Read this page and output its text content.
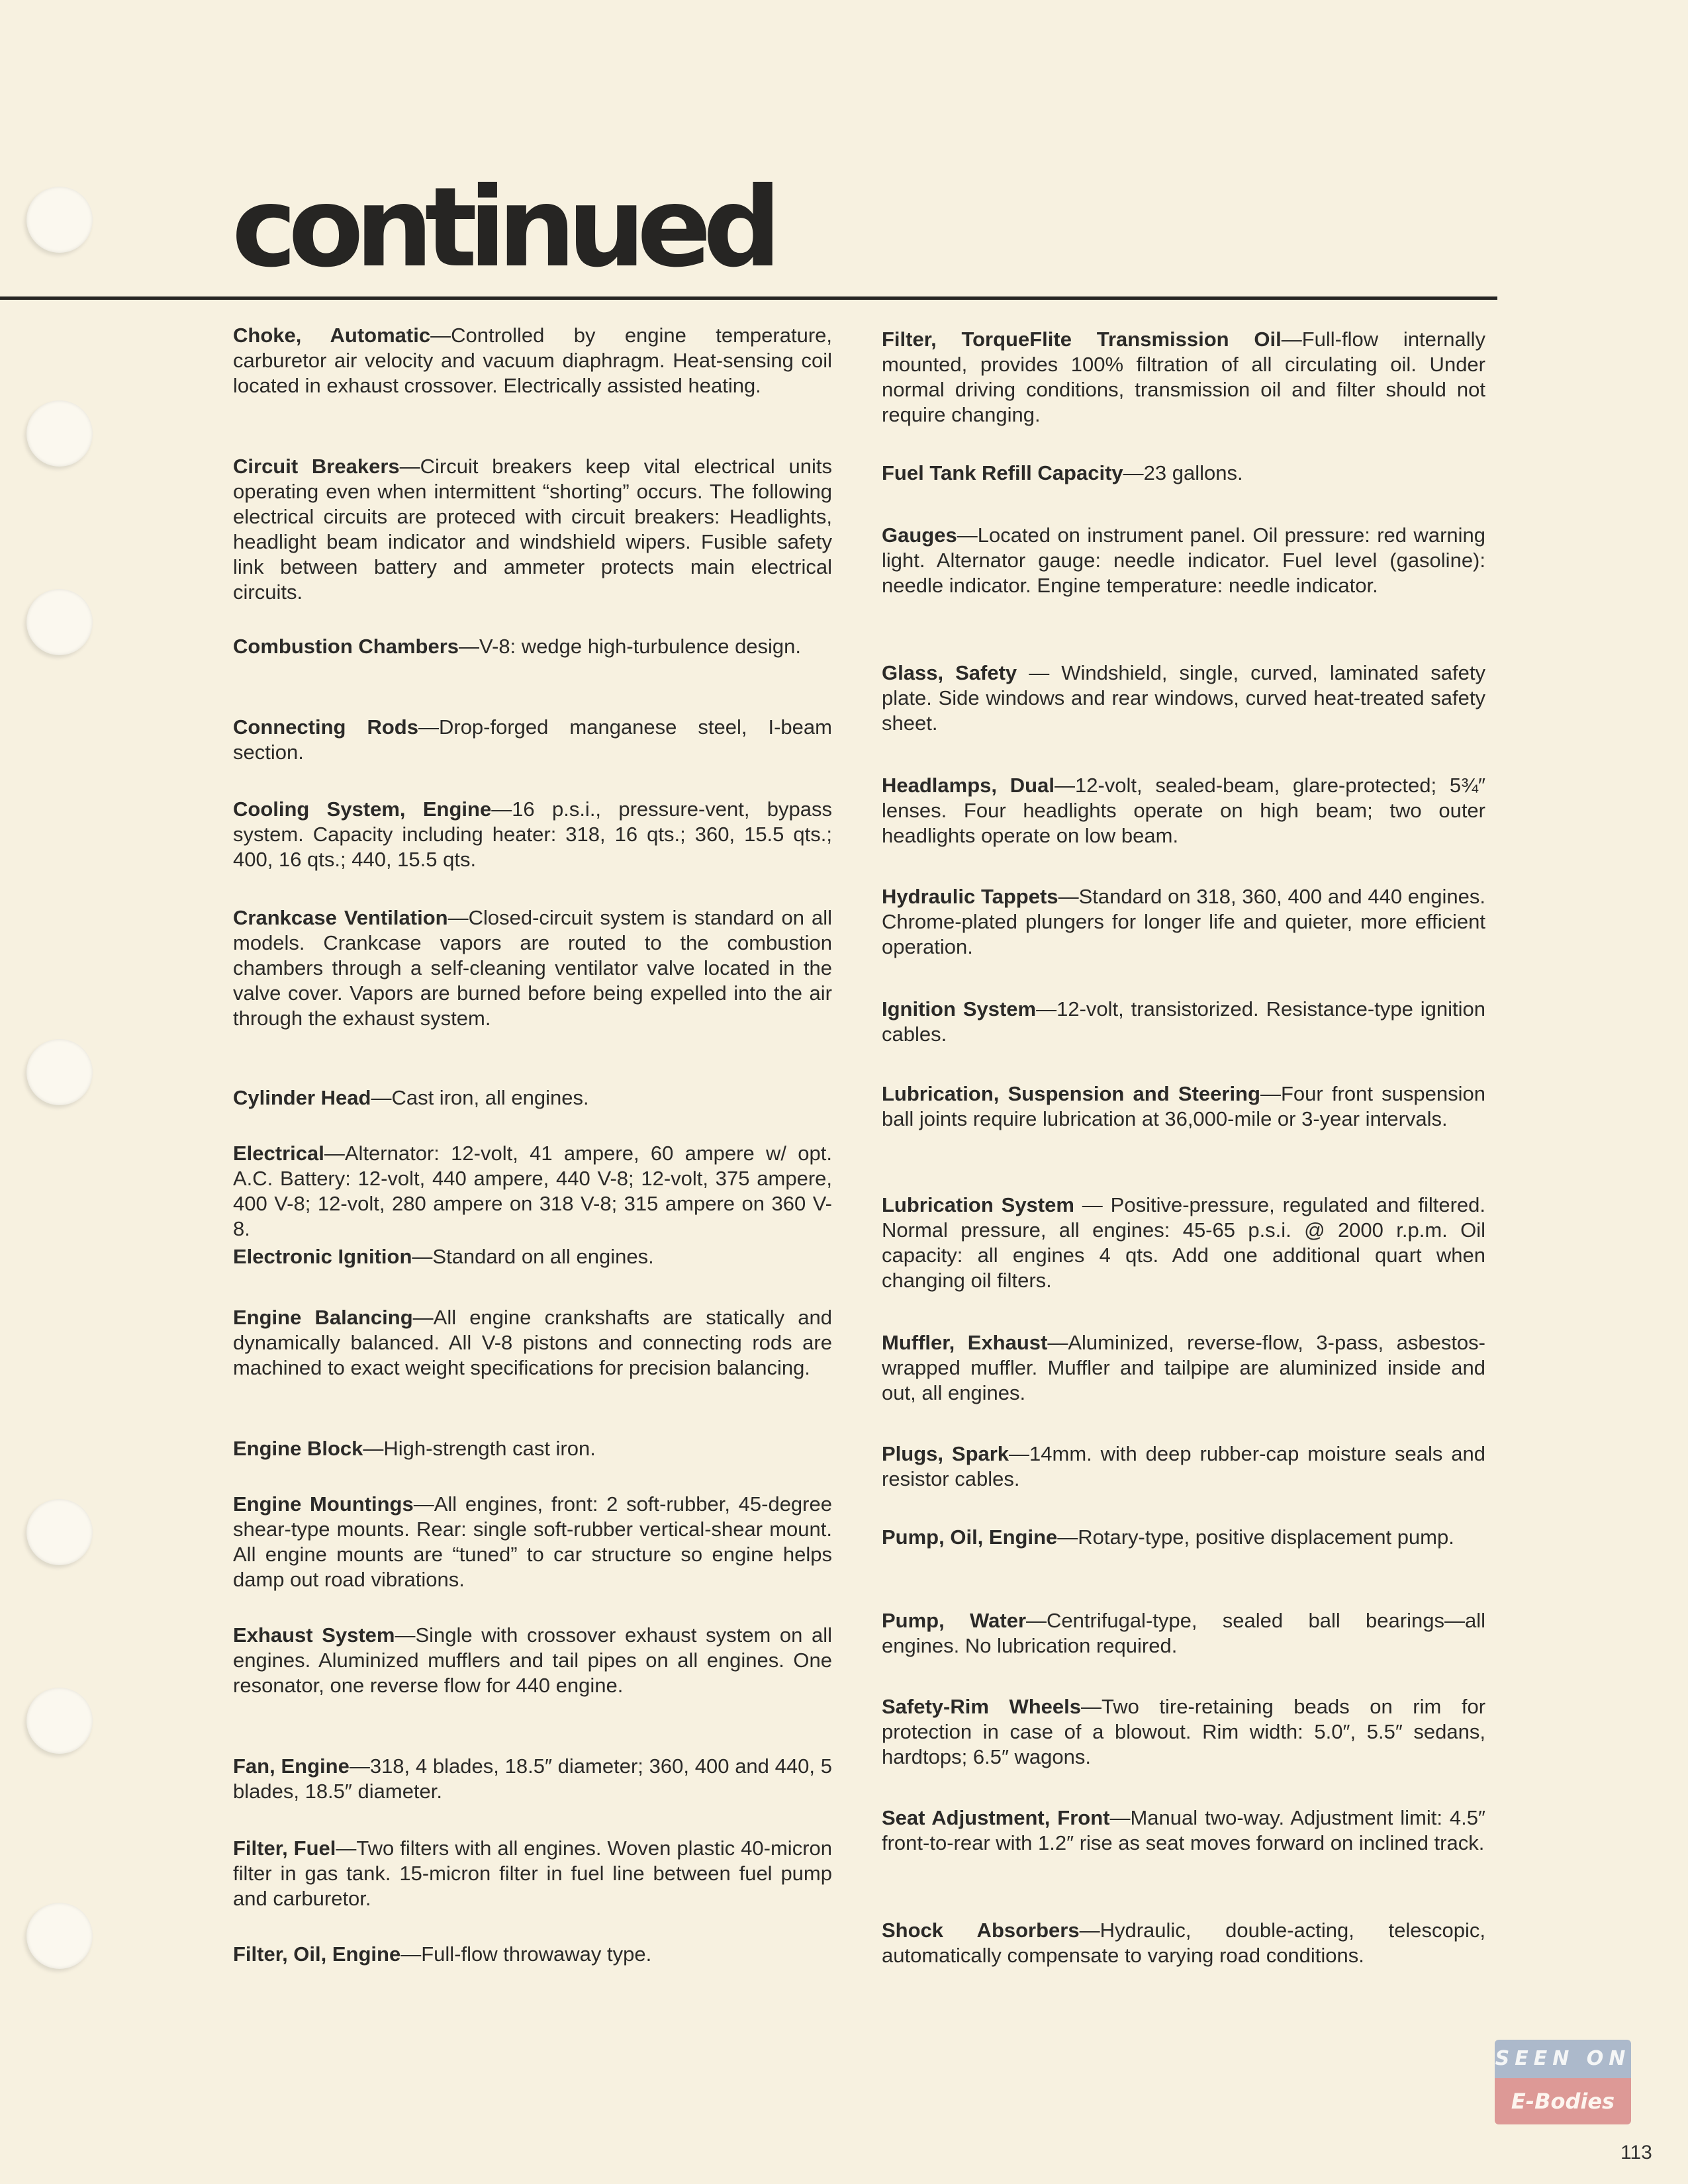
continued

Choke, Automatic—Controlled by engine temperature, carburetor air velocity and vacuum diaphragm. Heat-sensing coil located in exhaust crossover. Electrically assisted heating.

Circuit Breakers—Circuit breakers keep vital electrical units operating even when intermittent “shorting” occurs. The following electrical circuits are proteced with circuit breakers: Headlights, headlight beam indicator and windshield wipers. Fusible safety link between battery and ammeter protects main electrical circuits.

Combustion Chambers—V-8: wedge high-turbulence design.

Connecting Rods—Drop-forged manganese steel, I-beam section.

Cooling System, Engine—16 p.s.i., pressure-vent, bypass system. Capacity including heater: 318, 16 qts.; 360, 15.5 qts.; 400, 16 qts.; 440, 15.5 qts.

Crankcase Ventilation—Closed-circuit system is standard on all models. Crankcase vapors are routed to the combustion chambers through a self-cleaning ventilator valve located in the valve cover. Vapors are burned before being expelled into the air through the exhaust system.

Cylinder Head—Cast iron, all engines.

Electrical—Alternator: 12-volt, 41 ampere, 60 ampere w/ opt. A.C. Battery: 12-volt, 440 ampere, 440 V-8; 12-volt, 375 ampere, 400 V-8; 12-volt, 280 ampere on 318 V-8; 315 ampere on 360 V-8.

Electronic Ignition—Standard on all engines.

Engine Balancing—All engine crankshafts are statically and dynamically balanced. All V-8 pistons and connecting rods are machined to exact weight specifications for precision balancing.

Engine Block—High-strength cast iron.

Engine Mountings—All engines, front: 2 soft-rubber, 45-degree shear-type mounts. Rear: single soft-rubber vertical-shear mount. All engine mounts are “tuned” to car structure so engine helps damp out road vibrations.

Exhaust System—Single with crossover exhaust system on all engines. Aluminized mufflers and tail pipes on all engines. One resonator, one reverse flow for 440 engine.

Fan, Engine—318, 4 blades, 18.5″ diameter; 360, 400 and 440, 5 blades, 18.5″ diameter.

Filter, Fuel—Two filters with all engines. Woven plastic 40-micron filter in gas tank. 15-micron filter in fuel line between fuel pump and carburetor.

Filter, Oil, Engine—Full-flow throwaway type.

Filter, TorqueFlite Transmission Oil—Full-flow internally mounted, provides 100% filtration of all circulating oil. Under normal driving conditions, transmission oil and filter should not require changing.

Fuel Tank Refill Capacity—23 gallons.

Gauges—Located on instrument panel. Oil pressure: red warning light. Alternator gauge: needle indicator. Fuel level (gasoline): needle indicator. Engine temperature: needle indicator.

Glass, Safety — Windshield, single, curved, laminated safety plate. Side windows and rear windows, curved heat-treated safety sheet.

Headlamps, Dual—12-volt, sealed-beam, glare-protected; 5¾″ lenses. Four headlights operate on high beam; two outer headlights operate on low beam.

Hydraulic Tappets—Standard on 318, 360, 400 and 440 engines. Chrome-plated plungers for longer life and quieter, more efficient operation.

Ignition System—12-volt, transistorized. Resistance-type ignition cables.

Lubrication, Suspension and Steering—Four front suspension ball joints require lubrication at 36,000-mile or 3-year intervals.

Lubrication System — Positive-pressure, regulated and filtered. Normal pressure, all engines: 45-65 p.s.i. @ 2000 r.p.m. Oil capacity: all engines 4 qts. Add one additional quart when changing oil filters.

Muffler, Exhaust—Aluminized, reverse-flow, 3-pass, asbestos-wrapped muffler. Muffler and tailpipe are aluminized inside and out, all engines.

Plugs, Spark—14mm. with deep rubber-cap moisture seals and resistor cables.

Pump, Oil, Engine—Rotary-type, positive displacement pump.

Pump, Water—Centrifugal-type, sealed ball bearings—all engines. No lubrication required.

Safety-Rim Wheels—Two tire-retaining beads on rim for protection in case of a blowout. Rim width: 5.0″, 5.5″ sedans, hardtops; 6.5″ wagons.

Seat Adjustment, Front—Manual two-way. Adjustment limit: 4.5″ front-to-rear with 1.2″ rise as seat moves forward on inclined track.

Shock Absorbers—Hydraulic, double-acting, telescopic, automatically compensate to varying road conditions.

SEEN ON
E-Bodies
113
